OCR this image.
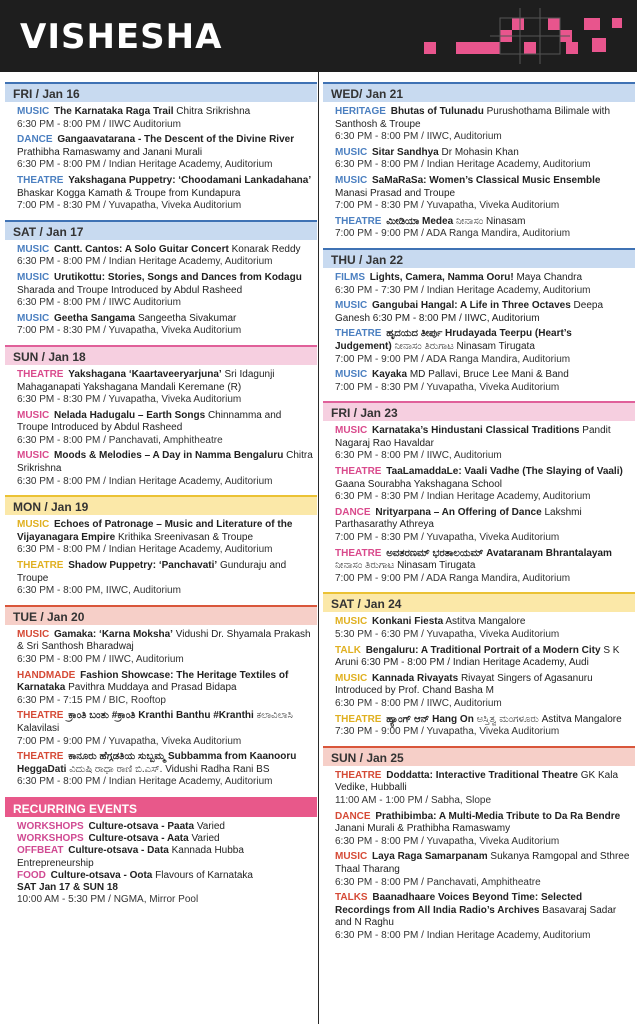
VISHESHA
FRI / Jan 16
MUSIC The Karnataka Raga Trail Chitra Srikrishna
6:30 PM - 8:00 PM / IIWC Auditorium
DANCE Gangaavatarana - The Descent of the Divine River Prathibha Ramaswamy and Janani Murali
6:30 PM - 8:00 PM / Indian Heritage Academy, Auditorium
THEATRE Yakshagana Puppetry: ‘Choodamani Lankadahana’ Bhaskar Kogga Kamath & Troupe from Kundapura
7:00 PM - 8:30 PM / Yuvapatha, Viveka Auditorium
SAT / Jan 17
MUSIC Cantt. Cantos: A Solo Guitar Concert Konarak Reddy
6:30 PM - 8:00 PM / Indian Heritage Academy, Auditorium
MUSIC Urutikottu: Stories, Songs and Dances from Kodagu Sharada and Troupe Introduced by Abdul Rasheed
6:30 PM - 8:00 PM / IIWC Auditorium
MUSIC Geetha Sangama Sangeetha Sivakumar
7:00 PM - 8:30 PM / Yuvapatha, Viveka Auditorium
SUN / Jan 18
THEATRE Yakshagana ‘Kaartaveeryarjuna’ Sri Idagunji Mahaganapati Yakshagana Mandali Keremane (R)
6:30 PM - 8:30 PM / Yuvapatha, Viveka Auditorium
MUSIC Nelada Hadugalu – Earth Songs Chinnamma and Troupe Introduced by Abdul Rasheed
6:30 PM - 8:00 PM / Panchavati, Amphitheatre
MUSIC Moods & Melodies – A Day in Namma Bengaluru Chitra Srikrishna
6:30 PM - 8:00 PM / Indian Heritage Academy, Auditorium
MON / Jan 19
MUSIC Echoes of Patronage – Music and Literature of the Vijayanagara Empire Krithika Sreenivasan & Troupe
6:30 PM - 8:00 PM / Indian Heritage Academy, Auditorium
THEATRE Shadow Puppetry: ‘Panchavati’ Gunduraju and Troupe
6:30 PM - 8:00 PM, IIWC, Auditorium
TUE / Jan 20
MUSIC Gamaka: ‘Karna Moksha’ Vidushi Dr. Shyamala Prakash & Sri Santhosh Bharadwaj
6:30 PM - 8:00 PM / IIWC, Auditorium
HANDMADE Fashion Showcase: The Heritage Textiles of Karnataka Pavithra Muddaya and Prasad Bidapa
6:30 PM - 7:15 PM / BIC, Rooftop
THEATRE ಕ್ರಾಂತಿ ಬಂತು #ಕ್ರಾಂತಿ Kranthi Banthu #Kranthi ಕಲಾವಿಲಾಸಿ Kalavilasi
7:00 PM - 9:00 PM / Yuvapatha, Viveka Auditorium
THEATRE ಕಾನೂರು ಹೆಗ್ಗಡತಿಯ ಸುಬ್ಬಮ್ಮ Subbamma from Kaanooru HeggaDati ವಿದುಷಿ ರಾಧಾ ರಾಣಿ ಬಿ.ಎಸ್. Vidushi Radha Rani BS
6:30 PM - 8:00 PM / Indian Heritage Academy, Auditorium
RECURRING EVENTS
WORKSHOPS Culture-otsava - Paata Varied
WORKSHOPS Culture-otsava - Aata Varied
OFFBEAT Culture-otsava - Data Kannada Hubba Entrepreneurship
FOOD Culture-otsava - Oota Flavours of Karnataka
SAT Jan 17 & SUN 18
10:00 AM - 5:30 PM / NGMA, Mirror Pool
WED/ Jan 21
HERITAGE Bhutas of Tulunadu Purushothama Bilimale with Santhosh & Troupe
6:30 PM - 8:00 PM / IIWC, Auditorium
MUSIC Sitar Sandhya Dr Mohasin Khan
6:30 PM - 8:00 PM / Indian Heritage Academy, Auditorium
MUSIC SaMaRaSa: Women’s Classical Music Ensemble Manasi Prasad and Troupe
7:00 PM - 8:30 PM / Yuvapatha, Viveka Auditorium
THEATRE ಮೀಡಿಯಾ Medea ನೀನಾಸಂ Ninasam
7:00 PM - 9:00 PM / ADA Ranga Mandira, Auditorium
THU / Jan 22
FILMS Lights, Camera, Namma Ooru! Maya Chandra
6:30 PM - 7:30 PM / Indian Heritage Academy, Auditorium
MUSIC Gangubai Hangal: A Life in Three Octaves Deepa Ganesh 6:30 PM - 8:00 PM / IIWC, Auditorium
THEATRE ಹೃದಯದ ತೀರ್ಪು Hrudayada Teerpu (Heart’s Judgement) ನೀನಾಸಂ ತಿರುಗಾಟ Ninasam Tirugata
7:00 PM - 9:00 PM / ADA Ranga Mandira, Auditorium
MUSIC Kayaka MD Pallavi, Bruce Lee Mani & Band
7:00 PM - 8:30 PM / Yuvapatha, Viveka Auditorium
FRI / Jan 23
MUSIC Karnataka’s Hindustani Classical Traditions Pandit Nagaraj Rao Havaldar
6:30 PM - 8:00 PM / IIWC, Auditorium
THEATRE TaaLamaddaLe: Vaali Vadhe (The Slaying of Vaali) Gaana Sourabha Yakshagana School
6:30 PM - 8:30 PM / Indian Heritage Academy, Auditorium
DANCE Nrityarpana – An Offering of Dance Lakshmi Parthasarathy Athreya
7:00 PM - 8:30 PM / Yuvapatha, Viveka Auditorium
THEATRE ಅವತರಣಮ್ ಭರತಾಲಯಮ್ Avataranam Bhrantalayam ನೀನಾಸಂ ತಿರುಗಾಟ Ninasam Tirugata
7:00 PM - 9:00 PM / ADA Ranga Mandira, Auditorium
SAT / Jan 24
MUSIC Konkani Fiesta Astitva Mangalore
5:30 PM - 6:30 PM / Yuvapatha, Viveka Auditorium
TALK Bengaluru: A Traditional Portrait of a Modern City S K Aruni 6:30 PM - 8:00 PM / Indian Heritage Academy, Audi
MUSIC Kannada Rivayats Rivayat Singers of Agasanuru Introduced by Prof. Chand Basha M
6:30 PM - 8:00 PM / IIWC, Auditorium
THEATRE ಹ್ಯಾಂಗ್ ಆನ್ Hang On ಅಸ್ತಿತ್ವ ಮಂಗಳೂರು Astitva Mangalore
7:30 PM - 9:00 PM / Yuvapatha, Viveka Auditorium
SUN / Jan 25
THEATRE Doddatta: Interactive Traditional Theatre GK Kala Vedike, Hubballi
11:00 AM - 1:00 PM / Sabha, Slope
DANCE Prathibimba: A Multi-Media Tribute to Da Ra Bendre Janani Murali & Prathibha Ramaswamy
6:30 PM - 8:00 PM / Yuvapatha, Viveka Auditorium
MUSIC Laya Raga Samarpanam Sukanya Ramgopal and Sthree Thaal Tharang
6:30 PM - 8:00 PM / Panchavati, Amphitheatre
TALKS Baanadhaare Voices Beyond Time: Selected Recordings from All India Radio’s Archives Basavaraj Sadar and N Raghu
6:30 PM - 8:00 PM / Indian Heritage Academy, Auditorium
